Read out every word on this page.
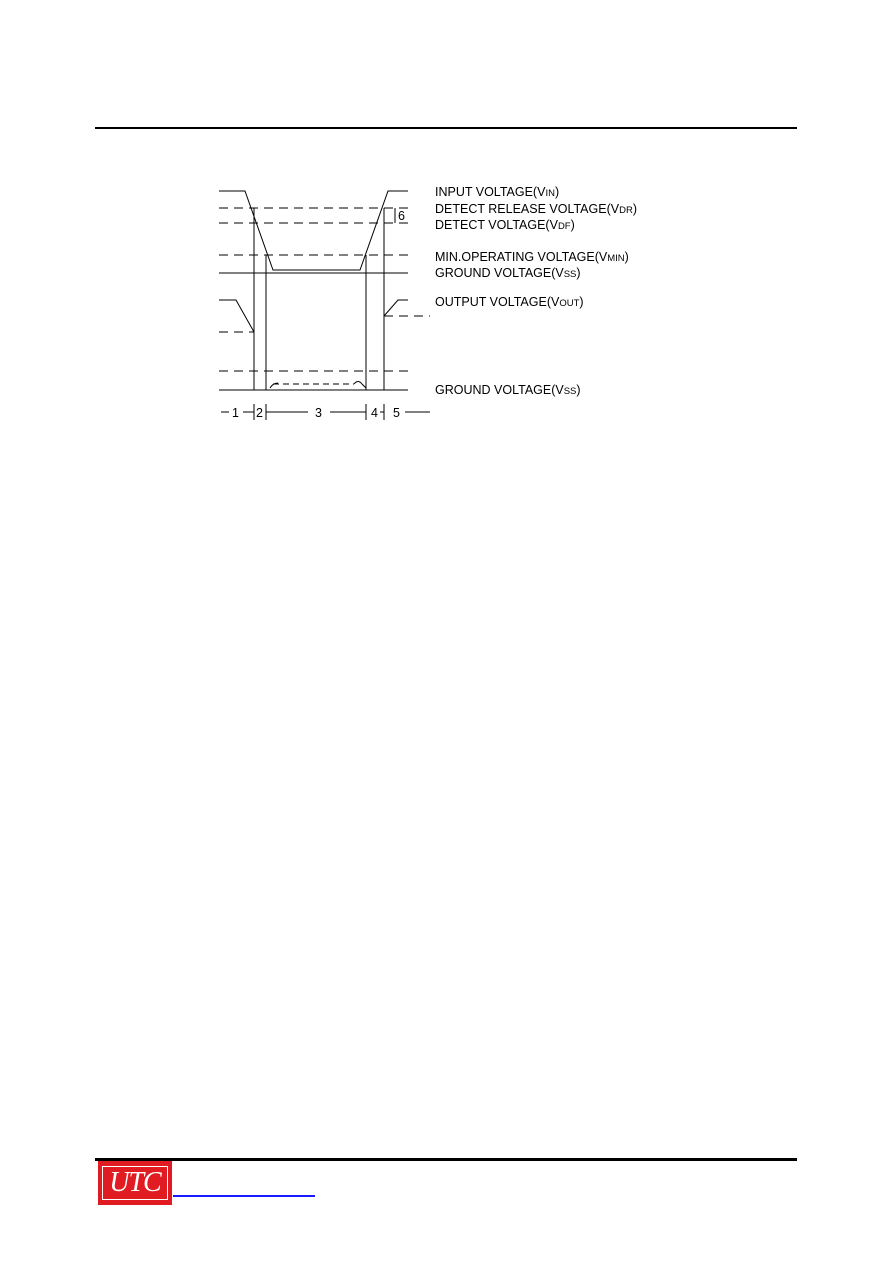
1 2	3	4 5
6
INPUT VOLTAGE(VIN)
DETECT RELEASE VOLTAGE(VDR)
DETECT VOLTAGE(VDF)
MIN.OPERATING VOLTAGE(VMIN)
GROUND VOLTAGE(VSS)
OUTPUT VOLTAGE(VOUT)
GROUND VOLTAGE(VSS)
UTC
